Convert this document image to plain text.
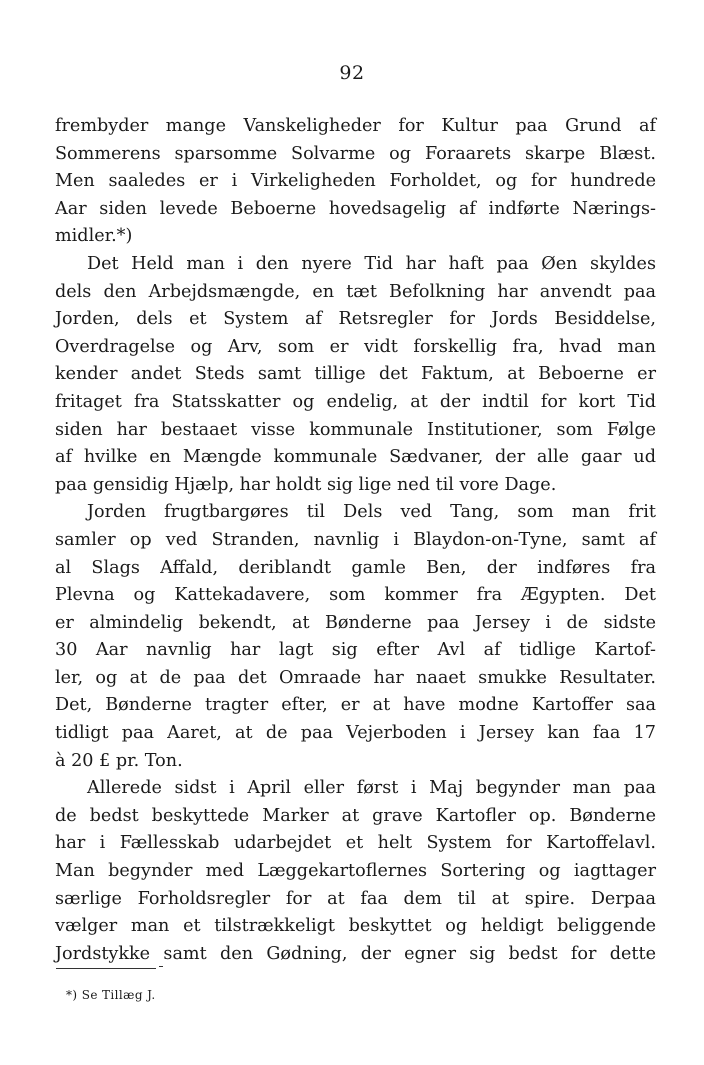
92
frembyder mange Vanskeligheder for Kultur paa Grund af
Sommerens sparsomme Solvarme og Foraarets skarpe Blæst.
Men saaledes er i Virkeligheden Forholdet, og for hundrede
Aar siden levede Beboerne hovedsagelig af indførte Nærings-
midler.*)
Det Held man i den nyere Tid har haft paa Øen skyldes
dels den Arbejdsmængde, en tæt Befolkning har anvendt paa
Jorden, dels et System af Retsregler for Jords Besiddelse,
Overdragelse og Arv, som er vidt forskellig fra, hvad man
kender andet Steds samt tillige det Faktum, at Beboerne er
fritaget fra Statsskatter og endelig, at der indtil for kort Tid
siden har bestaaet visse kommunale Institutioner, som Følge
af hvilke en Mængde kommunale Sædvaner, der alle gaar ud
paa gensidig Hjælp, har holdt sig lige ned til vore Dage.
Jorden frugtbargøres til Dels ved Tang, som man frit
samler op ved Stranden, navnlig i Blaydon-on-Tyne, samt af
al Slags Affald, deriblandt gamle Ben, der indføres fra
Plevna og Kattekadavere, som kommer fra Ægypten. Det
er almindelig bekendt, at Bønderne paa Jersey i de sidste
30 Aar navnlig har lagt sig efter Avl af tidlige Kartof-
ler, og at de paa det Omraade har naaet smukke Resultater.
Det, Bønderne tragter efter, er at have modne Kartoffer saa
tidligt paa Aaret, at de paa Vejerboden i Jersey kan faa 17
à 20 £ pr. Ton.
Allerede sidst i April eller først i Maj begynder man paa
de bedst beskyttede Marker at grave Kartofler op. Bønderne
har i Fællesskab udarbejdet et helt System for Kartoffelavl.
Man begynder med Læggekartoflernes Sortering og iagttager
særlige Forholdsregler for at faa dem til at spire. Derpaa
vælger man et tilstrækkeligt beskyttet og heldigt beliggende
Jordstykke samt den Gødning, der egner sig bedst for dette
*) Se Tillæg J.
